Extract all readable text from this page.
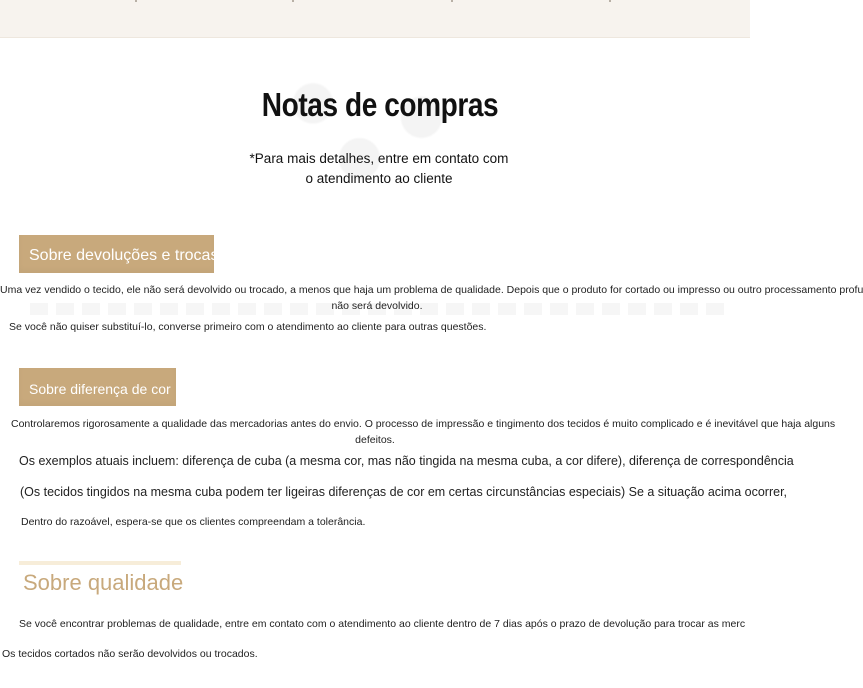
Notas de compras
*Para mais detalhes, entre em contato com o atendimento ao cliente
Sobre devoluções e trocas
Uma vez vendido o tecido, ele não será devolvido ou trocado, a menos que haja um problema de qualidade. Depois que o produto for cortado ou impresso ou outro processamento profu
não será devolvido.
Se você não quiser substituí-lo, converse primeiro com o atendimento ao cliente para outras questões.
Sobre diferença de cor
Controlaremos rigorosamente a qualidade das mercadorias antes do envio. O processo de impressão e tingimento dos tecidos é muito complicado e é inevitável que haja alguns
defeitos.
Os exemplos atuais incluem: diferença de cuba (a mesma cor, mas não tingida na mesma cuba, a cor difere), diferença de correspondência
(Os tecidos tingidos na mesma cuba podem ter ligeiras diferenças de cor em certas circunstâncias especiais) Se a situação acima ocorrer,
Dentro do razoável, espera-se que os clientes compreendam a tolerância.
Sobre qualidade
Se você encontrar problemas de qualidade, entre em contato com o atendimento ao cliente dentro de 7 dias após o prazo de devolução para trocar as merc
Os tecidos cortados não serão devolvidos ou trocados.
